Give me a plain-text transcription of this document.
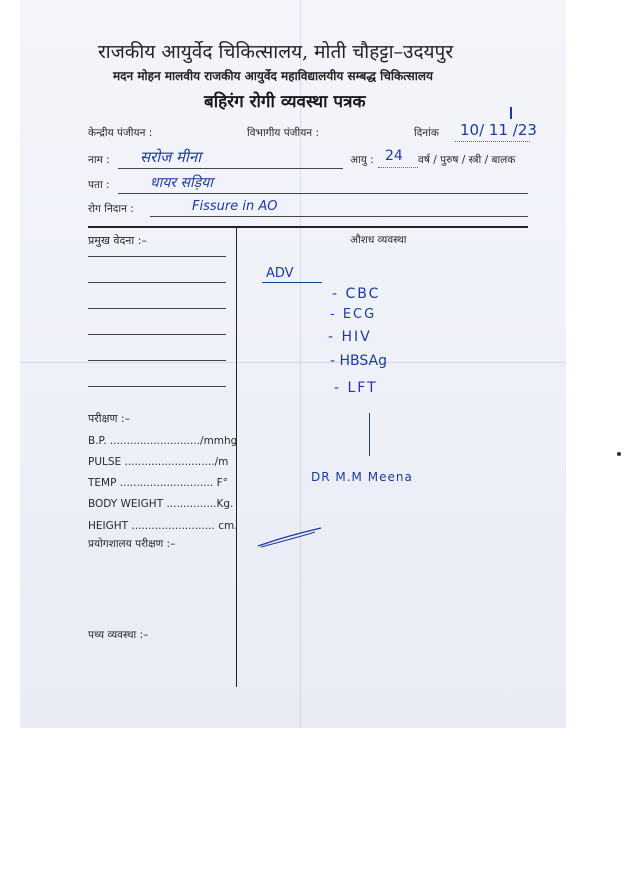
राजकीय आयुर्वेद चिकित्सालय, मोती चौहट्टा–उदयपुर
मदन मोहन मालवीय राजकीय आयुर्वेद महाविद्यालयीय सम्बद्ध चिकित्सालय
बहिरंग रोगी व्यवस्था पत्रक
केन्द्रीय पंजीयन :	विभागीय पंजीयन :	दिनांक 10/ 11 /23
नाम : सरोज मीना	आयु : 24 वर्ष / पुरुष / स्त्री / बालक
पता :	धायर सड़िया
रोग निदान :	Fissure in AO
प्रमुख वेदना :–
परीक्षण :–
B.P. .........................../mmhg
PULSE .........................../m
TEMP ............................ F°
BODY WEIGHT ...............Kg.
HEIGHT ......................... cm.
प्रयोगशालय परीक्षण :–
पथ्य व्यवस्था :–
औशध व्यवस्था
ADV
- CBC
- ECG
- HIV
- HBSAg
- LFT
DR M.M Meena
